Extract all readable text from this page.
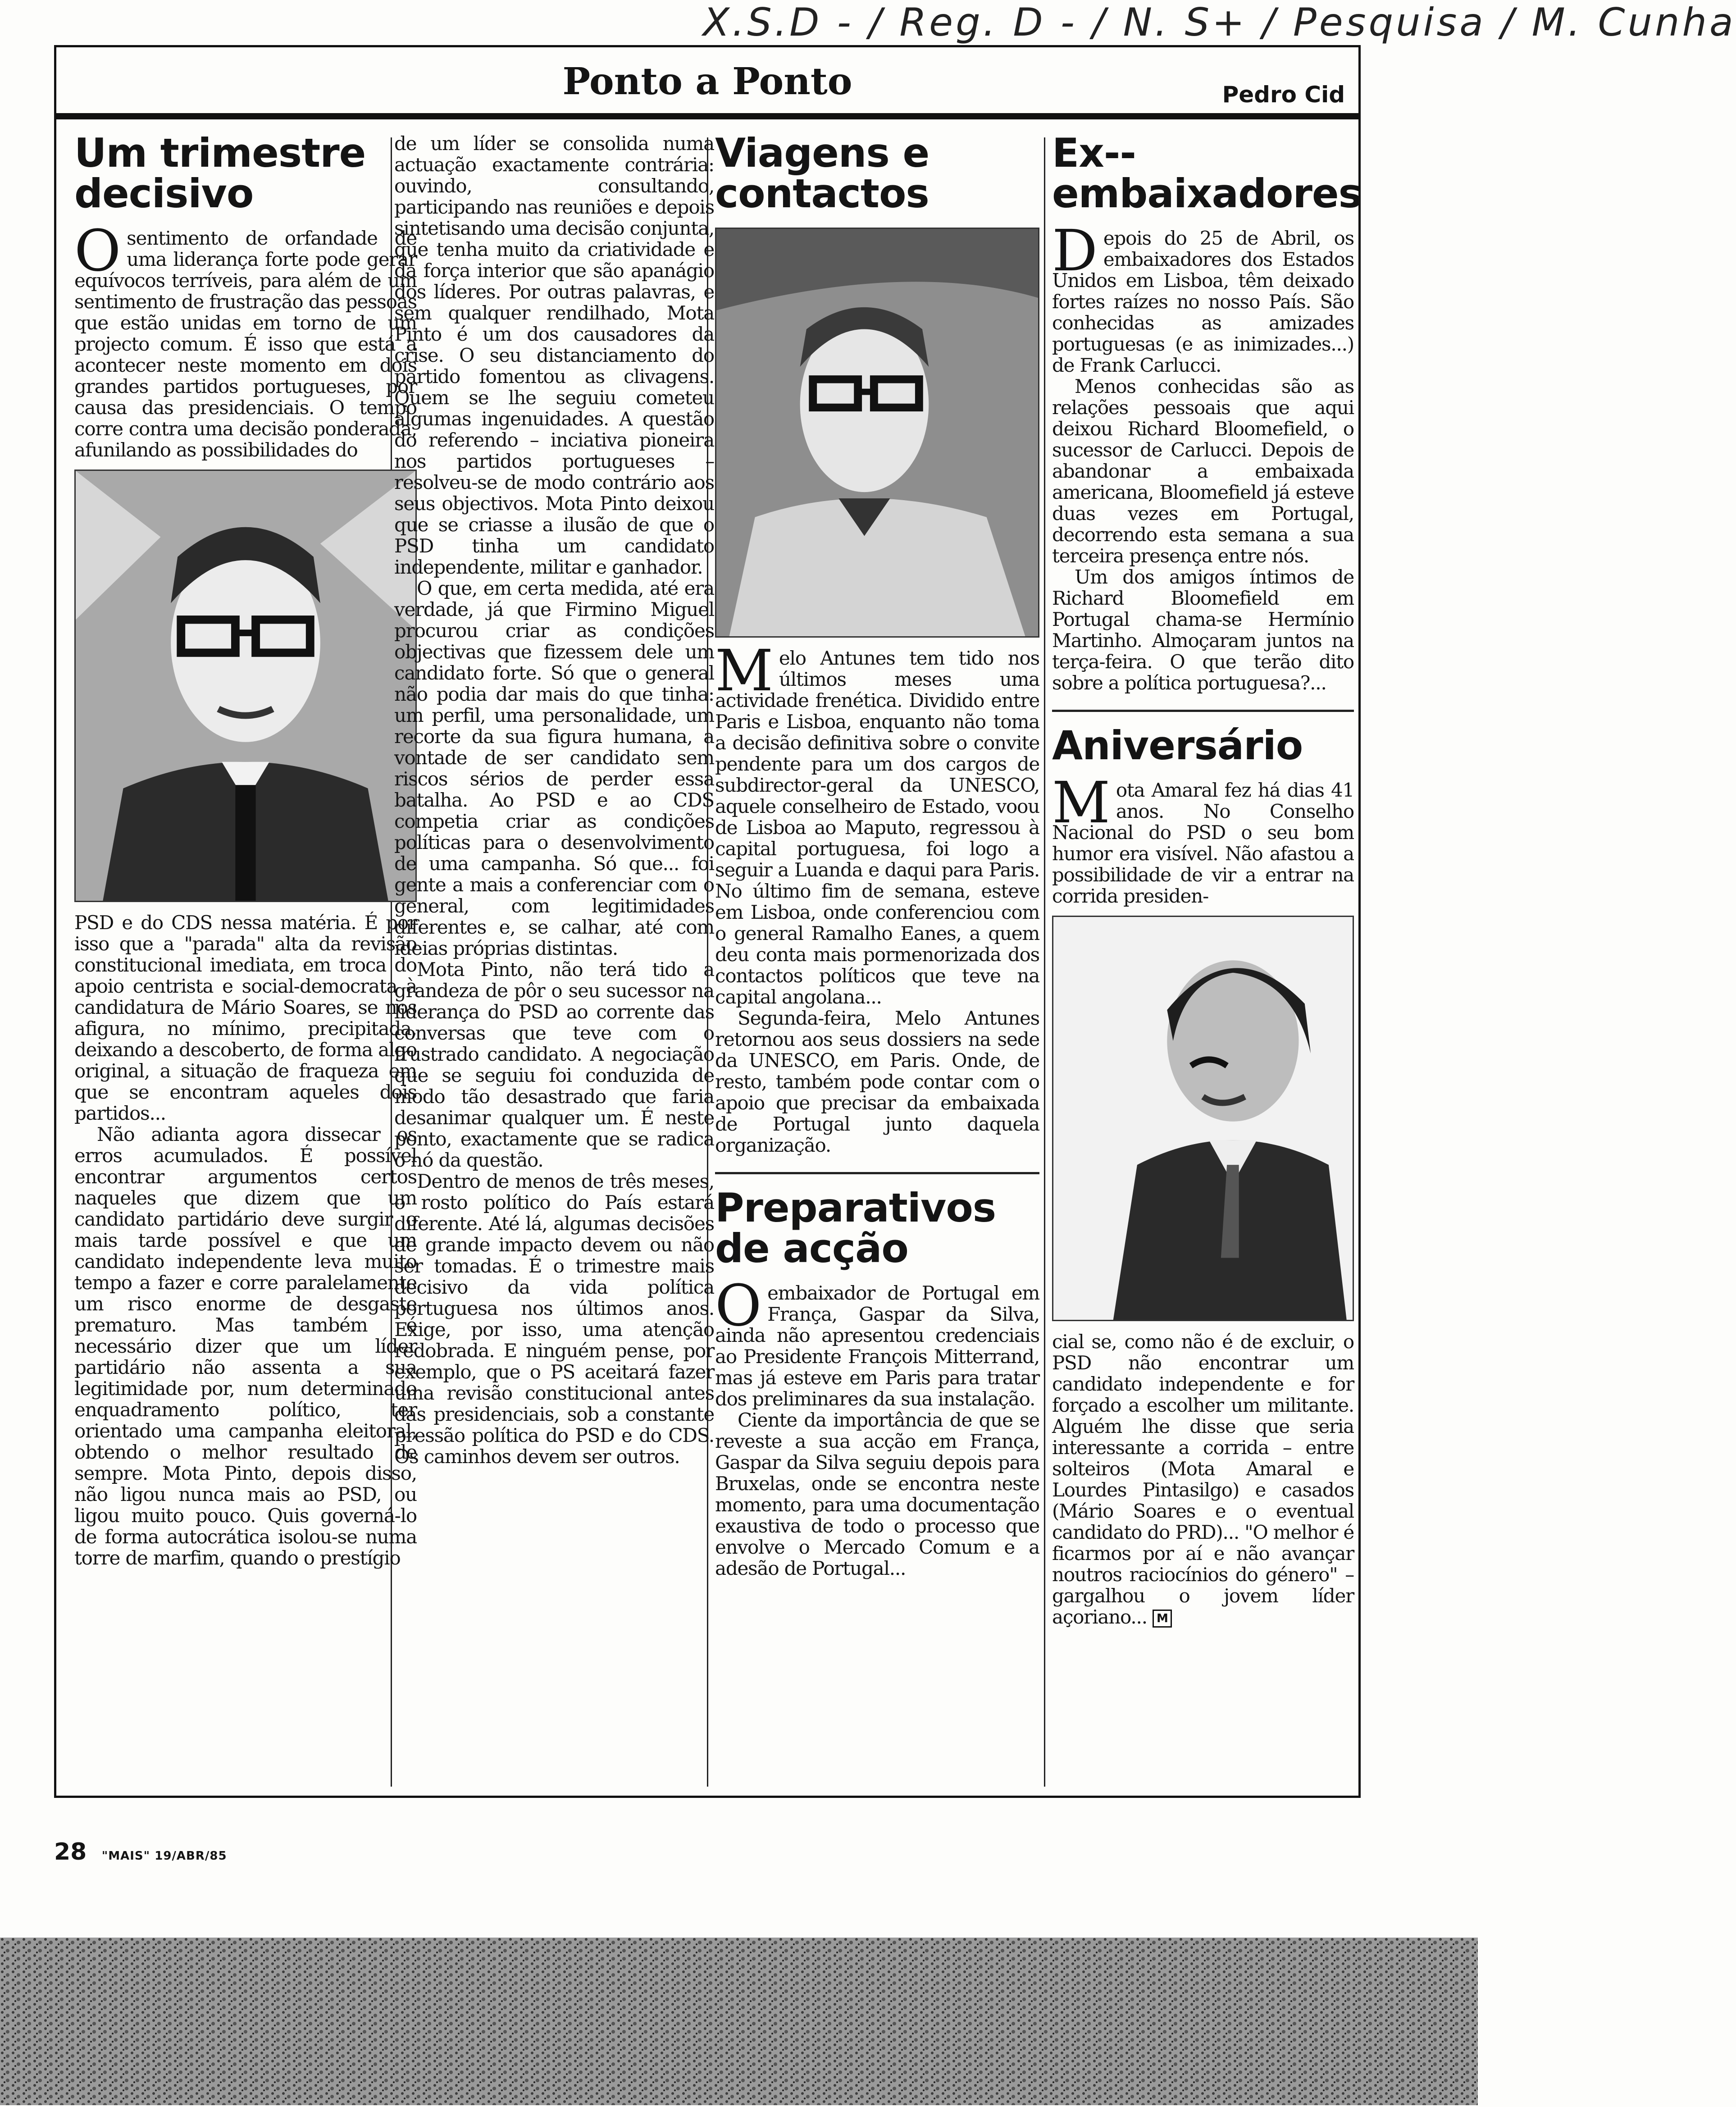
X.S.D - / Reg. D - / N. S+ / Pesquisa / M. Cunha
Ponto a Ponto	Pedro Cid
Um trimestre decisivo

Osentimento de orfandade de uma liderança forte pode gerar equívocos terríveis, para além de um sentimento de frustração das pessoas que estão unidas em torno de um projecto comum. É isso que está a acontecer neste momento em dois grandes partidos portugueses, por causa das presidenciais. O tempo corre contra uma decisão ponderada, afunilando as possibilidades do

PSD e do CDS nessa matéria. É por isso que a "parada" alta da revisão constitucional imediata, em troca do apoio centrista e social-democrata à candidatura de Mário Soares, se nos afigura, no mínimo, precipitada, deixando a descoberto, de forma algo original, a situação de fraqueza em que se encontram aqueles dois partidos...

Não adianta agora dissecar os erros acumulados. É possível encontrar argumentos certos naqueles que dizem que um candidato partidário deve surgir o mais tarde possível e que um candidato independente leva muito tempo a fazer e corre paralelamente um risco enorme de desgaste prematuro. Mas também é necessário dizer que um líder partidário não assenta a sua legitimidade por, num determinado enquadramento político, ter orientado uma campanha eleitoral, obtendo o melhor resultado de sempre. Mota Pinto, depois disso, não ligou nunca mais ao PSD, ou ligou muito pouco. Quis governá-lo de forma autocrática isolou-se numa torre de marfim, quando o prestígio

de um líder se consolida numa actuação exactamente contrária: ouvindo, consultando, participando nas reuniões e depois sintetisando uma decisão conjunta, que tenha muito da criatividade e da força interior que são apanágio dos líderes. Por outras palavras, e sem qualquer rendilhado, Mota Pinto é um dos causadores da crise. O seu distanciamento do partido fomentou as clivagens. Quem se lhe seguiu cometeu algumas ingenuidades. A questão do referendo – inciativa pioneira nos partidos portugueses – resolveu-se de modo contrário aos seus objectivos. Mota Pinto deixou que se criasse a ilusão de que o PSD tinha um candidato independente, militar e ganhador.

O que, em certa medida, até era verdade, já que Firmino Miguel procurou criar as condições objectivas que fizessem dele um candidato forte. Só que o general não podia dar mais do que tinha: um perfil, uma personalidade, um recorte da sua figura humana, a vontade de ser candidato sem riscos sérios de perder essa batalha. Ao PSD e ao CDS competia criar as condições políticas para o desenvolvimento de uma campanha. Só que... foi gente a mais a conferenciar com o general, com legitimidades diferentes e, se calhar, até com ideias próprias distintas.

Mota Pinto, não terá tido a grandeza de pôr o seu sucessor na liderança do PSD ao corrente das conversas que teve com o frustrado candidato. A negociação que se seguiu foi conduzida de modo tão desastrado que faria desanimar qualquer um. É neste ponto, exactamente que se radica o nó da questão.

Dentro de menos de três meses, o rosto político do País estará diferente. Até lá, algumas decisões de grande impacto devem ou não ser tomadas. É o trimestre mais decisivo da vida política portuguesa nos últimos anos. Exige, por isso, uma atenção redobrada. E ninguém pense, por exemplo, que o PS aceitará fazer uma revisão constitucional antes das presidenciais, sob a constante pressão política do PSD e do CDS. Os caminhos devem ser outros.

Viagens e contactos

Melo Antunes tem tido nos últimos meses uma actividade frenética. Dividido entre Paris e Lisboa, enquanto não toma a decisão definitiva sobre o convite pendente para um dos cargos de subdirector-geral da UNESCO, aquele conselheiro de Estado, voou de Lisboa ao Maputo, regressou à capital portuguesa, foi logo a seguir a Luanda e daqui para Paris. No último fim de semana, esteve em Lisboa, onde conferenciou com o general Ramalho Eanes, a quem deu conta mais pormenorizada dos contactos políticos que teve na capital angolana...

Segunda-feira, Melo Antunes retornou aos seus dossiers na sede da UNESCO, em Paris. Onde, de resto, também pode contar com o apoio que precisar da embaixada de Portugal junto daquela organização.

Preparativos de acção

Oembaixador de Portugal em França, Gaspar da Silva, ainda não apresentou credenciais ao Presidente François Mitterrand, mas já esteve em Paris para tratar dos preliminares da sua instalação.

Ciente da importância de que se reveste a sua acção em França, Gaspar da Silva seguiu depois para Bruxelas, onde se encontra neste momento, para uma documentação exaustiva de todo o processo que envolve o Mercado Comum e a adesão de Portugal...

Ex--embaixadores

Depois do 25 de Abril, os embaixadores dos Estados Unidos em Lisboa, têm deixado fortes raízes no nosso País. São conhecidas as amizades portuguesas (e as inimizades...) de Frank Carlucci.

Menos conhecidas são as relações pessoais que aqui deixou Richard Bloomefield, o sucessor de Carlucci. Depois de abandonar a embaixada americana, Bloomefield já esteve duas vezes em Portugal, decorrendo esta semana a sua terceira presença entre nós.

Um dos amigos íntimos de Richard Bloomefield em Portugal chama-se Hermínio Martinho. Almoçaram juntos na terça-feira. O que terão dito sobre a política portuguesa?...

Aniversário

Mota Amaral fez há dias 41 anos. No Conselho Nacional do PSD o seu bom humor era visível. Não afastou a possibilidade de vir a entrar na corrida presiden-

cial se, como não é de excluir, o PSD não encontrar um candidato independente e for forçado a escolher um militante. Alguém lhe disse que seria interessante a corrida – entre solteiros (Mota Amaral e Lourdes Pintasilgo) e casados (Mário Soares e o eventual candidato do PRD)... "O melhor é ficarmos por aí e não avançar noutros raciocínios do género" – gargalhou o jovem líder açoriano... M

28 "MAIS" 19/ABR/85
